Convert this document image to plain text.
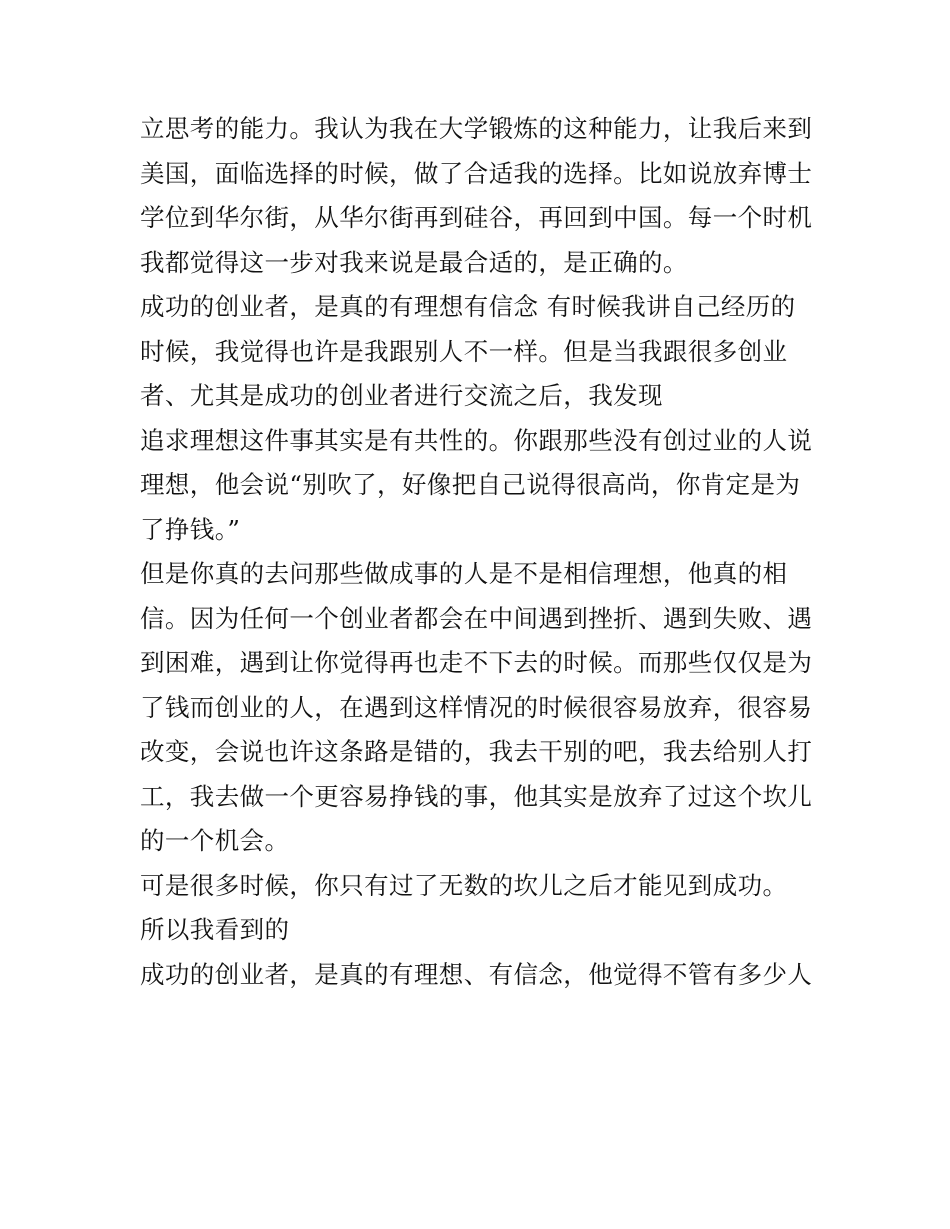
立思考的能力。我认为我在大学锻炼的这种能力，让我后来到
美国，面临选择的时候，做了合适我的选择。比如说放弃博士
学位到华尔街，从华尔街再到硅谷，再回到中国。每一个时机
我都觉得这一步对我来说是最合适的，是正确的。
成功的创业者，是真的有理想有信念 有时候我讲自己经历的
时候，我觉得也许是我跟别人不一样。但是当我跟很多创业
者、尤其是成功的创业者进行交流之后，我发现
追求理想这件事其实是有共性的。你跟那些没有创过业的人说
理想，他会说“别吹了，好像把自己说得很高尚，你肯定是为
了挣钱。”
但是你真的去问那些做成事的人是不是相信理想，他真的相
信。因为任何一个创业者都会在中间遇到挫折、遇到失败、遇
到困难，遇到让你觉得再也走不下去的时候。而那些仅仅是为
了钱而创业的人，在遇到这样情况的时候很容易放弃，很容易
改变，会说也许这条路是错的，我去干别的吧，我去给别人打
工，我去做一个更容易挣钱的事，他其实是放弃了过这个坎儿
的一个机会。
可是很多时候，你只有过了无数的坎儿之后才能见到成功。
所以我看到的
成功的创业者，是真的有理想、有信念，他觉得不管有多少人
